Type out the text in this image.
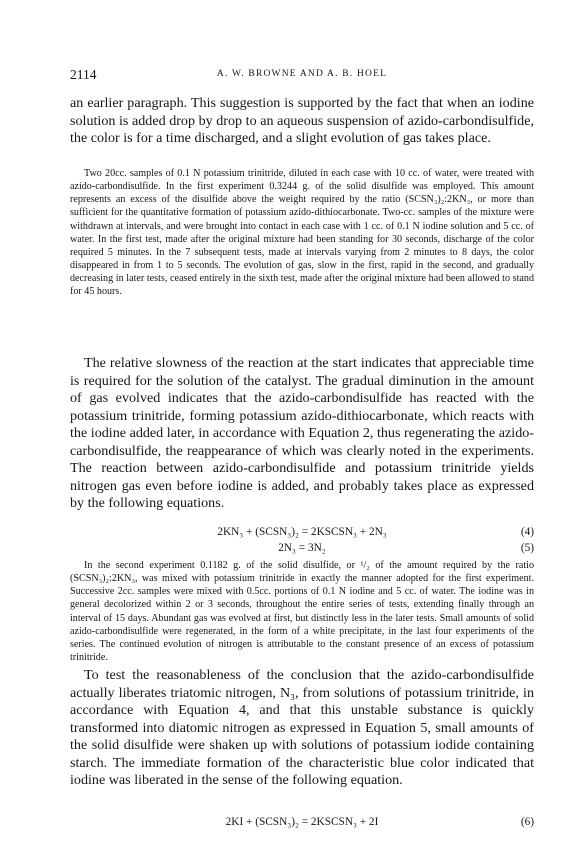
2114	A. W. BROWNE AND A. B. HOEL

an earlier paragraph. This suggestion is supported by the fact that when an iodine solution is added drop by drop to an aqueous suspension of azido-carbondisulfide, the color is for a time discharged, and a slight evolution of gas takes place.

Two 20cc. samples of 0.1 N potassium trinitride, diluted in each case with 10 cc. of water, were treated with azido-carbondisulfide. In the first experiment 0.3244 g. of the solid disulfide was employed. This amount represents an excess of the disulfide above the weight required by the ratio (SCSN₃)₂:2KN₃, or more than sufficient for the quantitative formation of potassium azido-dithiocarbonate. Two-cc. samples of the mixture were withdrawn at intervals, and were brought into contact in each case with 1 cc. of 0.1 N iodine solution and 5 cc. of water. In the first test, made after the original mixture had been standing for 30 seconds, discharge of the color required 5 minutes. In the 7 subsequent tests, made at intervals varying from 2 minutes to 8 days, the color disappeared in from 1 to 5 seconds. The evolution of gas, slow in the first, rapid in the second, and gradually decreasing in later tests, ceased entirely in the sixth test, made after the original mixture had been allowed to stand for 45 hours.

The relative slowness of the reaction at the start indicates that appreciable time is required for the solution of the catalyst. The gradual diminution in the amount of gas evolved indicates that the azido-carbondisulfide has reacted with the potassium trinitride, forming potassium azido-dithiocarbonate, which reacts with the iodine added later, in accordance with Equation 2, thus regenerating the azido-carbondisulfide, the reappearance of which was clearly noted in the experiments. The reaction between azido-carbondisulfide and potassium trinitride yields nitrogen gas even before iodine is added, and probably takes place as expressed by the following equations.

2KN₃ + (SCSN₃)₂ = 2KSCSN₃ + 2N₃	(4)
2N₃ = 3N₂	(5)

In the second experiment 0.1182 g. of the solid disulfide, or ¹/₂ of the amount required by the ratio (SCSN₃)₂:2KN₃, was mixed with potassium trinitride in exactly the manner adopted for the first experiment. Successive 2cc. samples were mixed with 0.5cc. portions of 0.1 N iodine and 5 cc. of water. The iodine was in general decolorized within 2 or 3 seconds, throughout the entire series of tests, extending finally through an interval of 15 days. Abundant gas was evolved at first, but distinctly less in the later tests. Small amounts of solid azido-carbondisulfide were regenerated, in the form of a white precipitate, in the last four experiments of the series. The continued evolution of nitrogen is attributable to the constant presence of an excess of potassium trinitride.

To test the reasonableness of the conclusion that the azido-carbondisulfide actually liberates triatomic nitrogen, N₃, from solutions of potassium trinitride, in accordance with Equation 4, and that this unstable substance is quickly transformed into diatomic nitrogen as expressed in Equation 5, small amounts of the solid disulfide were shaken up with solutions of potassium iodide containing starch. The immediate formation of the characteristic blue color indicated that iodine was liberated in the sense of the following equation.

2KI + (SCSN₃)₂ = 2KSCSN₃ + 2I	(6)
